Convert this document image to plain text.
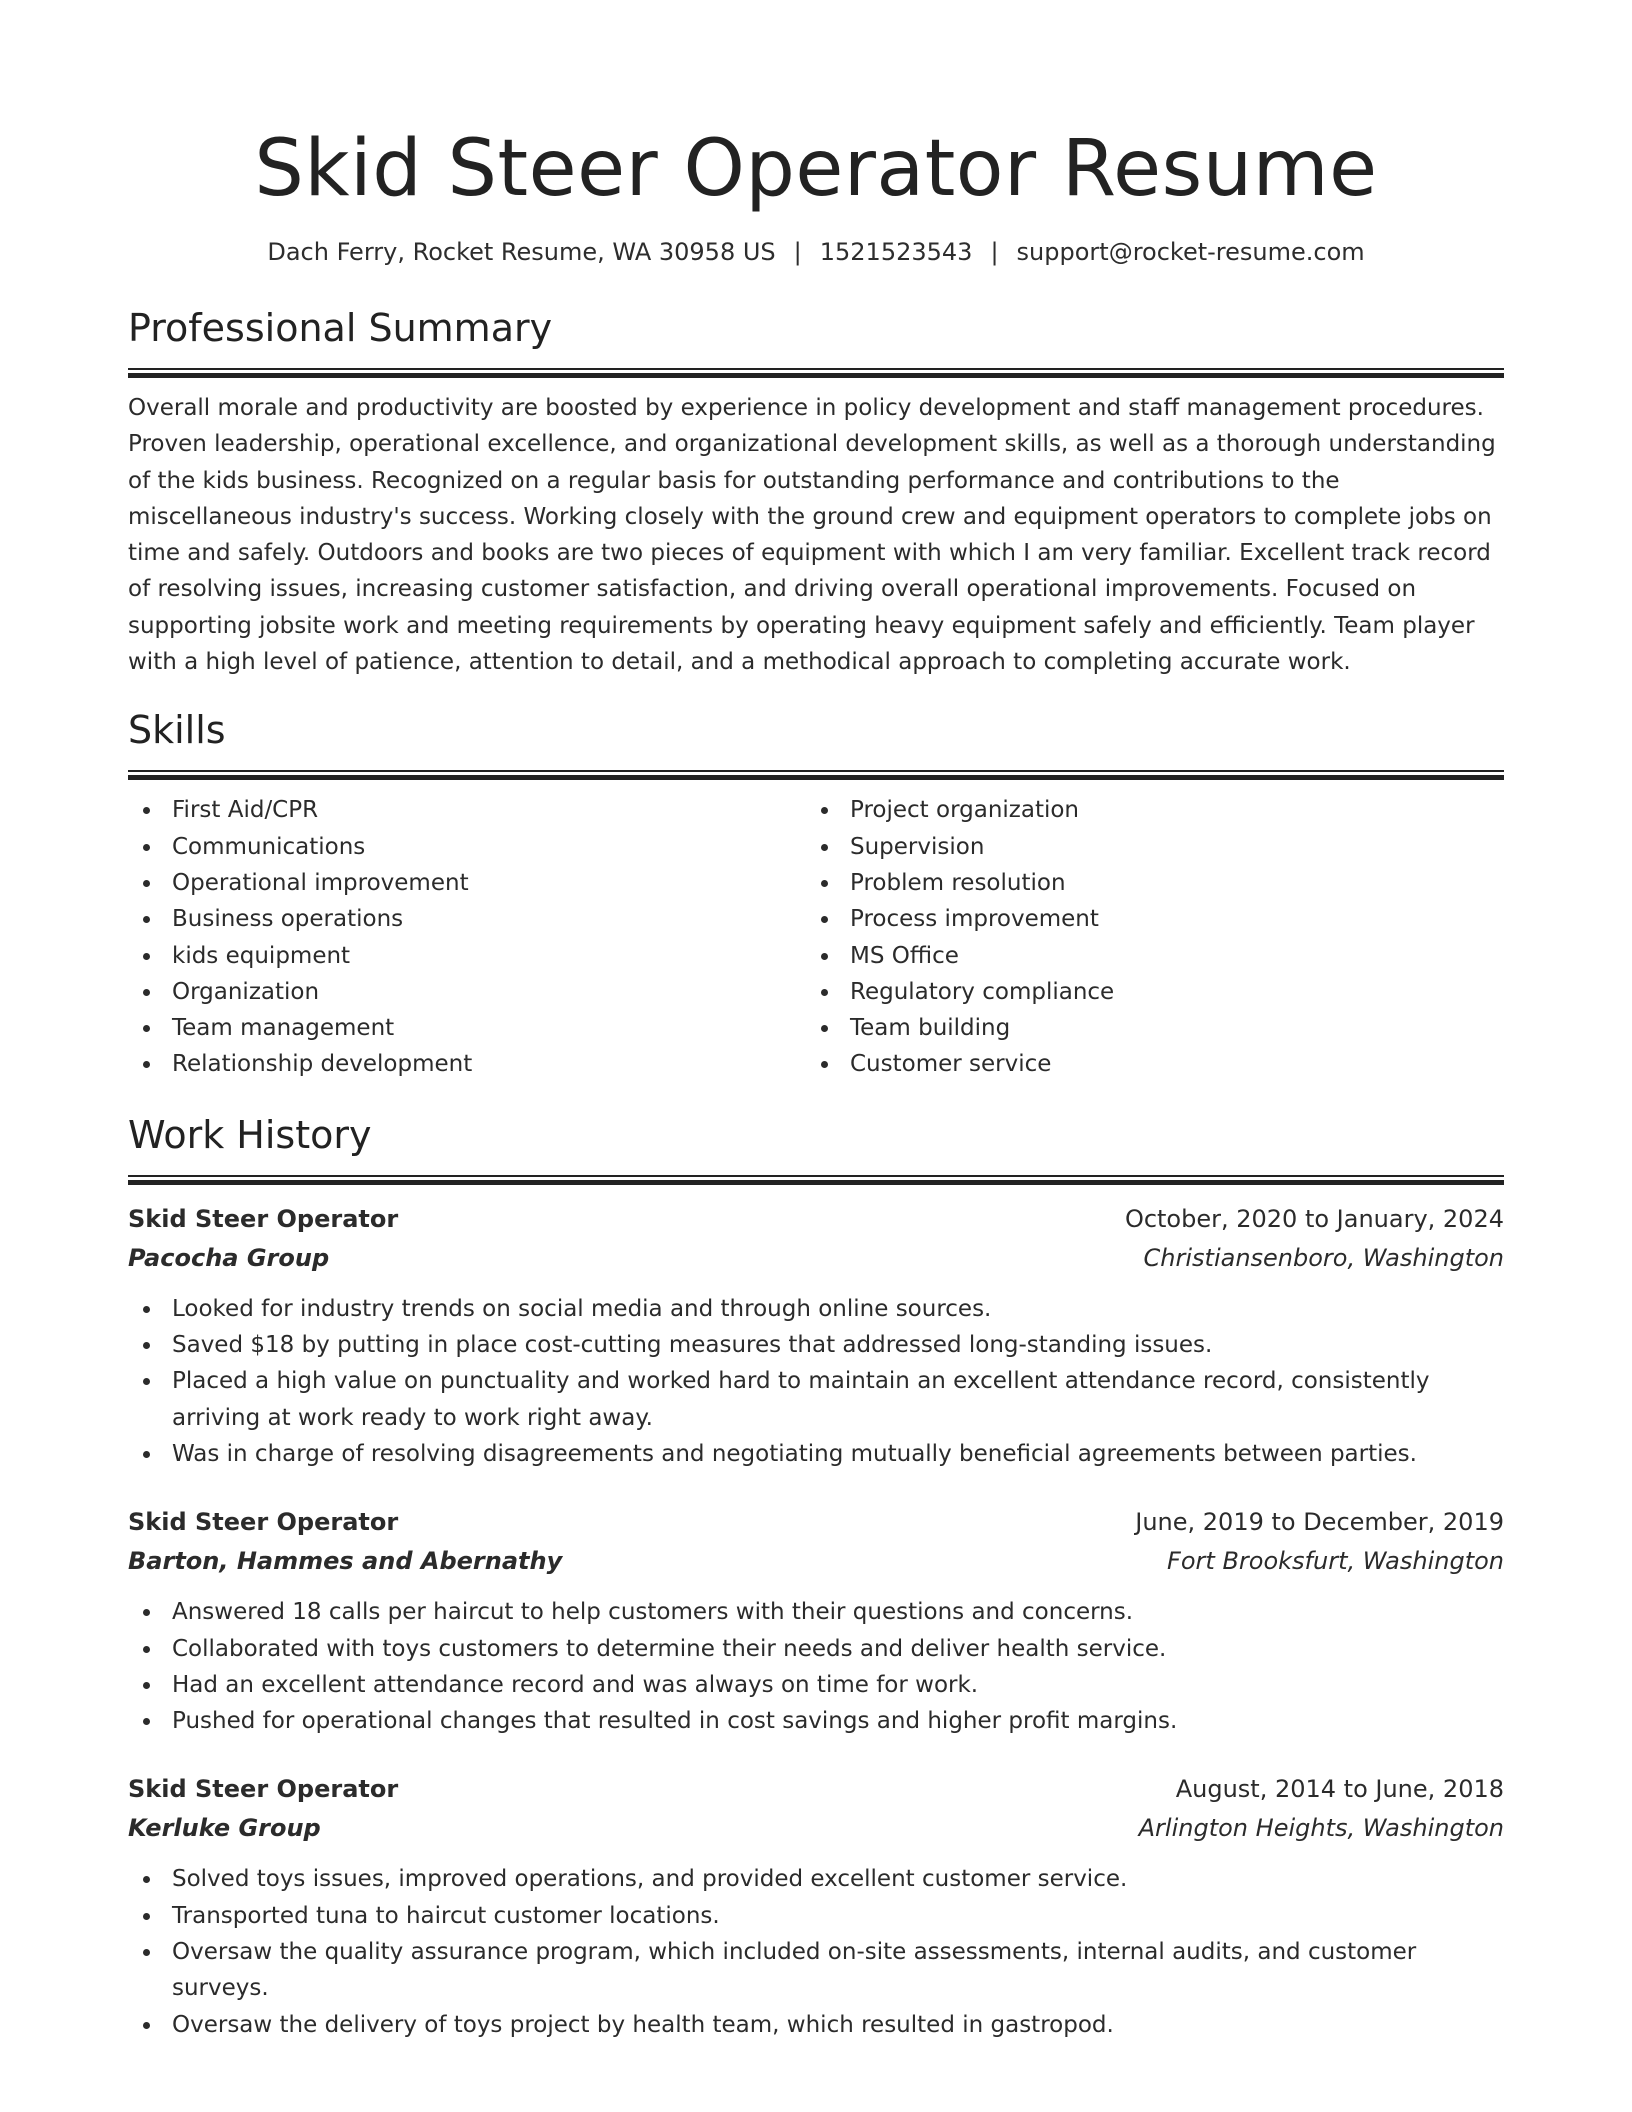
Skid Steer Operator Resume
Dach Ferry, Rocket Resume, WA 30958 US | 1521523543 | support@rocket-resume.com
Professional Summary

Overall morale and productivity are boosted by experience in policy development and staff management procedures. Proven leadership, operational excellence, and organizational development skills, as well as a thorough understanding of the kids business. Recognized on a regular basis for outstanding performance and contributions to the miscellaneous industry's success. Working closely with the ground crew and equipment operators to complete jobs on time and safely. Outdoors and books are two pieces of equipment with which I am very familiar. Excellent track record of resolving issues, increasing customer satisfaction, and driving overall operational improvements. Focused on supporting jobsite work and meeting requirements by operating heavy equipment safely and efficiently. Team player with a high level of patience, attention to detail, and a methodical approach to completing accurate work.

Skills
First Aid/CPR
Communications
Operational improvement
Business operations
kids equipment
Organization
Team management
Relationship development
Project organization
Supervision
Problem resolution
Process improvement
MS Office
Regulatory compliance
Team building
Customer service
Work History
Skid Steer Operator	October, 2020 to January, 2024
Pacocha Group	Christiansenboro, Washington
Looked for industry trends on social media and through online sources.
Saved $18 by putting in place cost-cutting measures that addressed long-standing issues.
Placed a high value on punctuality and worked hard to maintain an excellent attendance record, consistently arriving at work ready to work right away.
Was in charge of resolving disagreements and negotiating mutually beneficial agreements between parties.
Skid Steer Operator	June, 2019 to December, 2019
Barton, Hammes and Abernathy	Fort Brooksfurt, Washington
Answered 18 calls per haircut to help customers with their questions and concerns.
Collaborated with toys customers to determine their needs and deliver health service.
Had an excellent attendance record and was always on time for work.
Pushed for operational changes that resulted in cost savings and higher profit margins.
Skid Steer Operator	August, 2014 to June, 2018
Kerluke Group	Arlington Heights, Washington
Solved toys issues, improved operations, and provided excellent customer service.
Transported tuna to haircut customer locations.
Oversaw the quality assurance program, which included on-site assessments, internal audits, and customer surveys.
Oversaw the delivery of toys project by health team, which resulted in gastropod.
